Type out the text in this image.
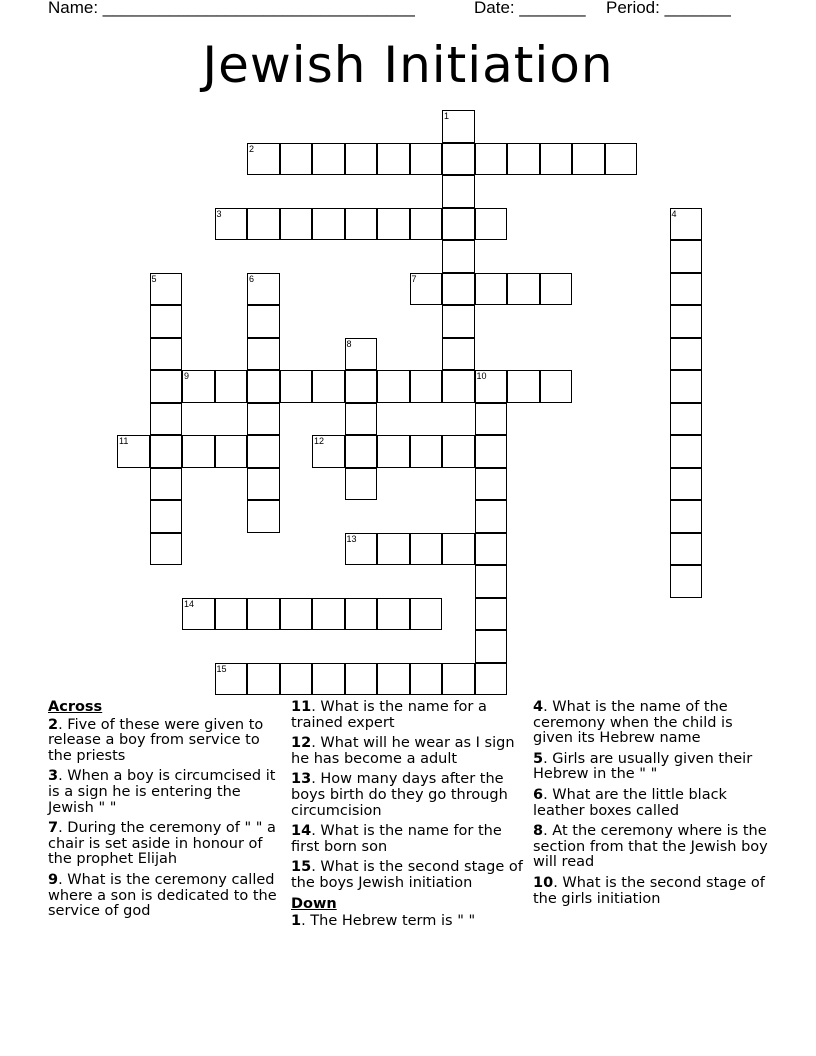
Name: _________________________________	Date: _______ Period: _______
Jewish Initiation
1
2
3	4
5	6	7
8
9	10
11	12
13
14
15
Across
2. Five of these were given to release a boy from service to the priests
3. When a boy is circumcised it is a sign he is entering the Jewish " "
7. During the ceremony of " " a chair is set aside in honour of the prophet Elijah
9. What is the ceremony called where a son is dedicated to the service of god
11. What is the name for a trained expert
12. What will he wear as I sign he has become a adult
13. How many days after the boys birth do they go through circumcision
14. What is the name for the first born son
15. What is the second stage of the boys Jewish initiation
Down
1. The Hebrew term is " "
4. What is the name of the ceremony when the child is given its Hebrew name
5. Girls are usually given their Hebrew in the " "
6. What are the little black leather boxes called
8. At the ceremony where is the section from that the Jewish boy will read
10. What is the second stage of the girls initiation
